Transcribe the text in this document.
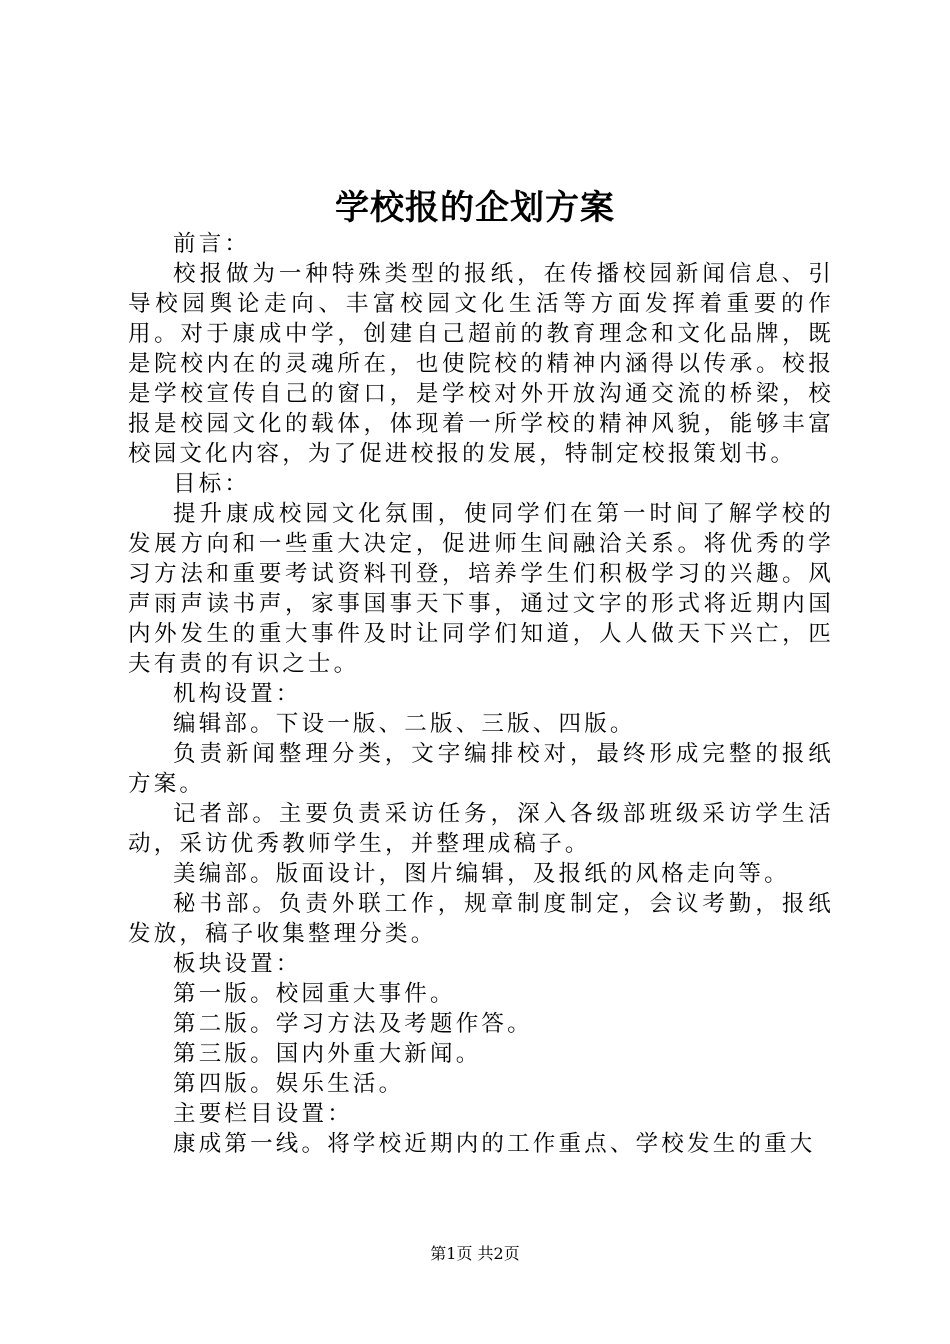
学校报的企划方案

前言：

校报做为一种特殊类型的报纸，在传播校园新闻信息、引导校园舆论走向、丰富校园文化生活等方面发挥着重要的作用。对于康成中学，创建自己超前的教育理念和文化品牌，既是院校内在的灵魂所在，也使院校的精神内涵得以传承。校报是学校宣传自己的窗口，是学校对外开放沟通交流的桥梁，校报是校园文化的载体，体现着一所学校的精神风貌，能够丰富校园文化内容，为了促进校报的发展，特制定校报策划书。

目标：

提升康成校园文化氛围，使同学们在第一时间了解学校的发展方向和一些重大决定，促进师生间融洽关系。将优秀的学习方法和重要考试资料刊登，培养学生们积极学习的兴趣。风声雨声读书声，家事国事天下事，通过文字的形式将近期内国内外发生的重大事件及时让同学们知道，人人做天下兴亡，匹夫有责的有识之士。

机构设置：

编辑部。下设一版、二版、三版、四版。

负责新闻整理分类，文字编排校对，最终形成完整的报纸方案。

记者部。主要负责采访任务，深入各级部班级采访学生活动，采访优秀教师学生，并整理成稿子。

美编部。版面设计，图片编辑，及报纸的风格走向等。

秘书部。负责外联工作，规章制度制定，会议考勤，报纸发放，稿子收集整理分类。

板块设置：

第一版。校园重大事件。

第二版。学习方法及考题作答。

第三版。国内外重大新闻。

第四版。娱乐生活。

主要栏目设置：

康成第一线。将学校近期内的工作重点、学校发生的重大

第1页 共2页
